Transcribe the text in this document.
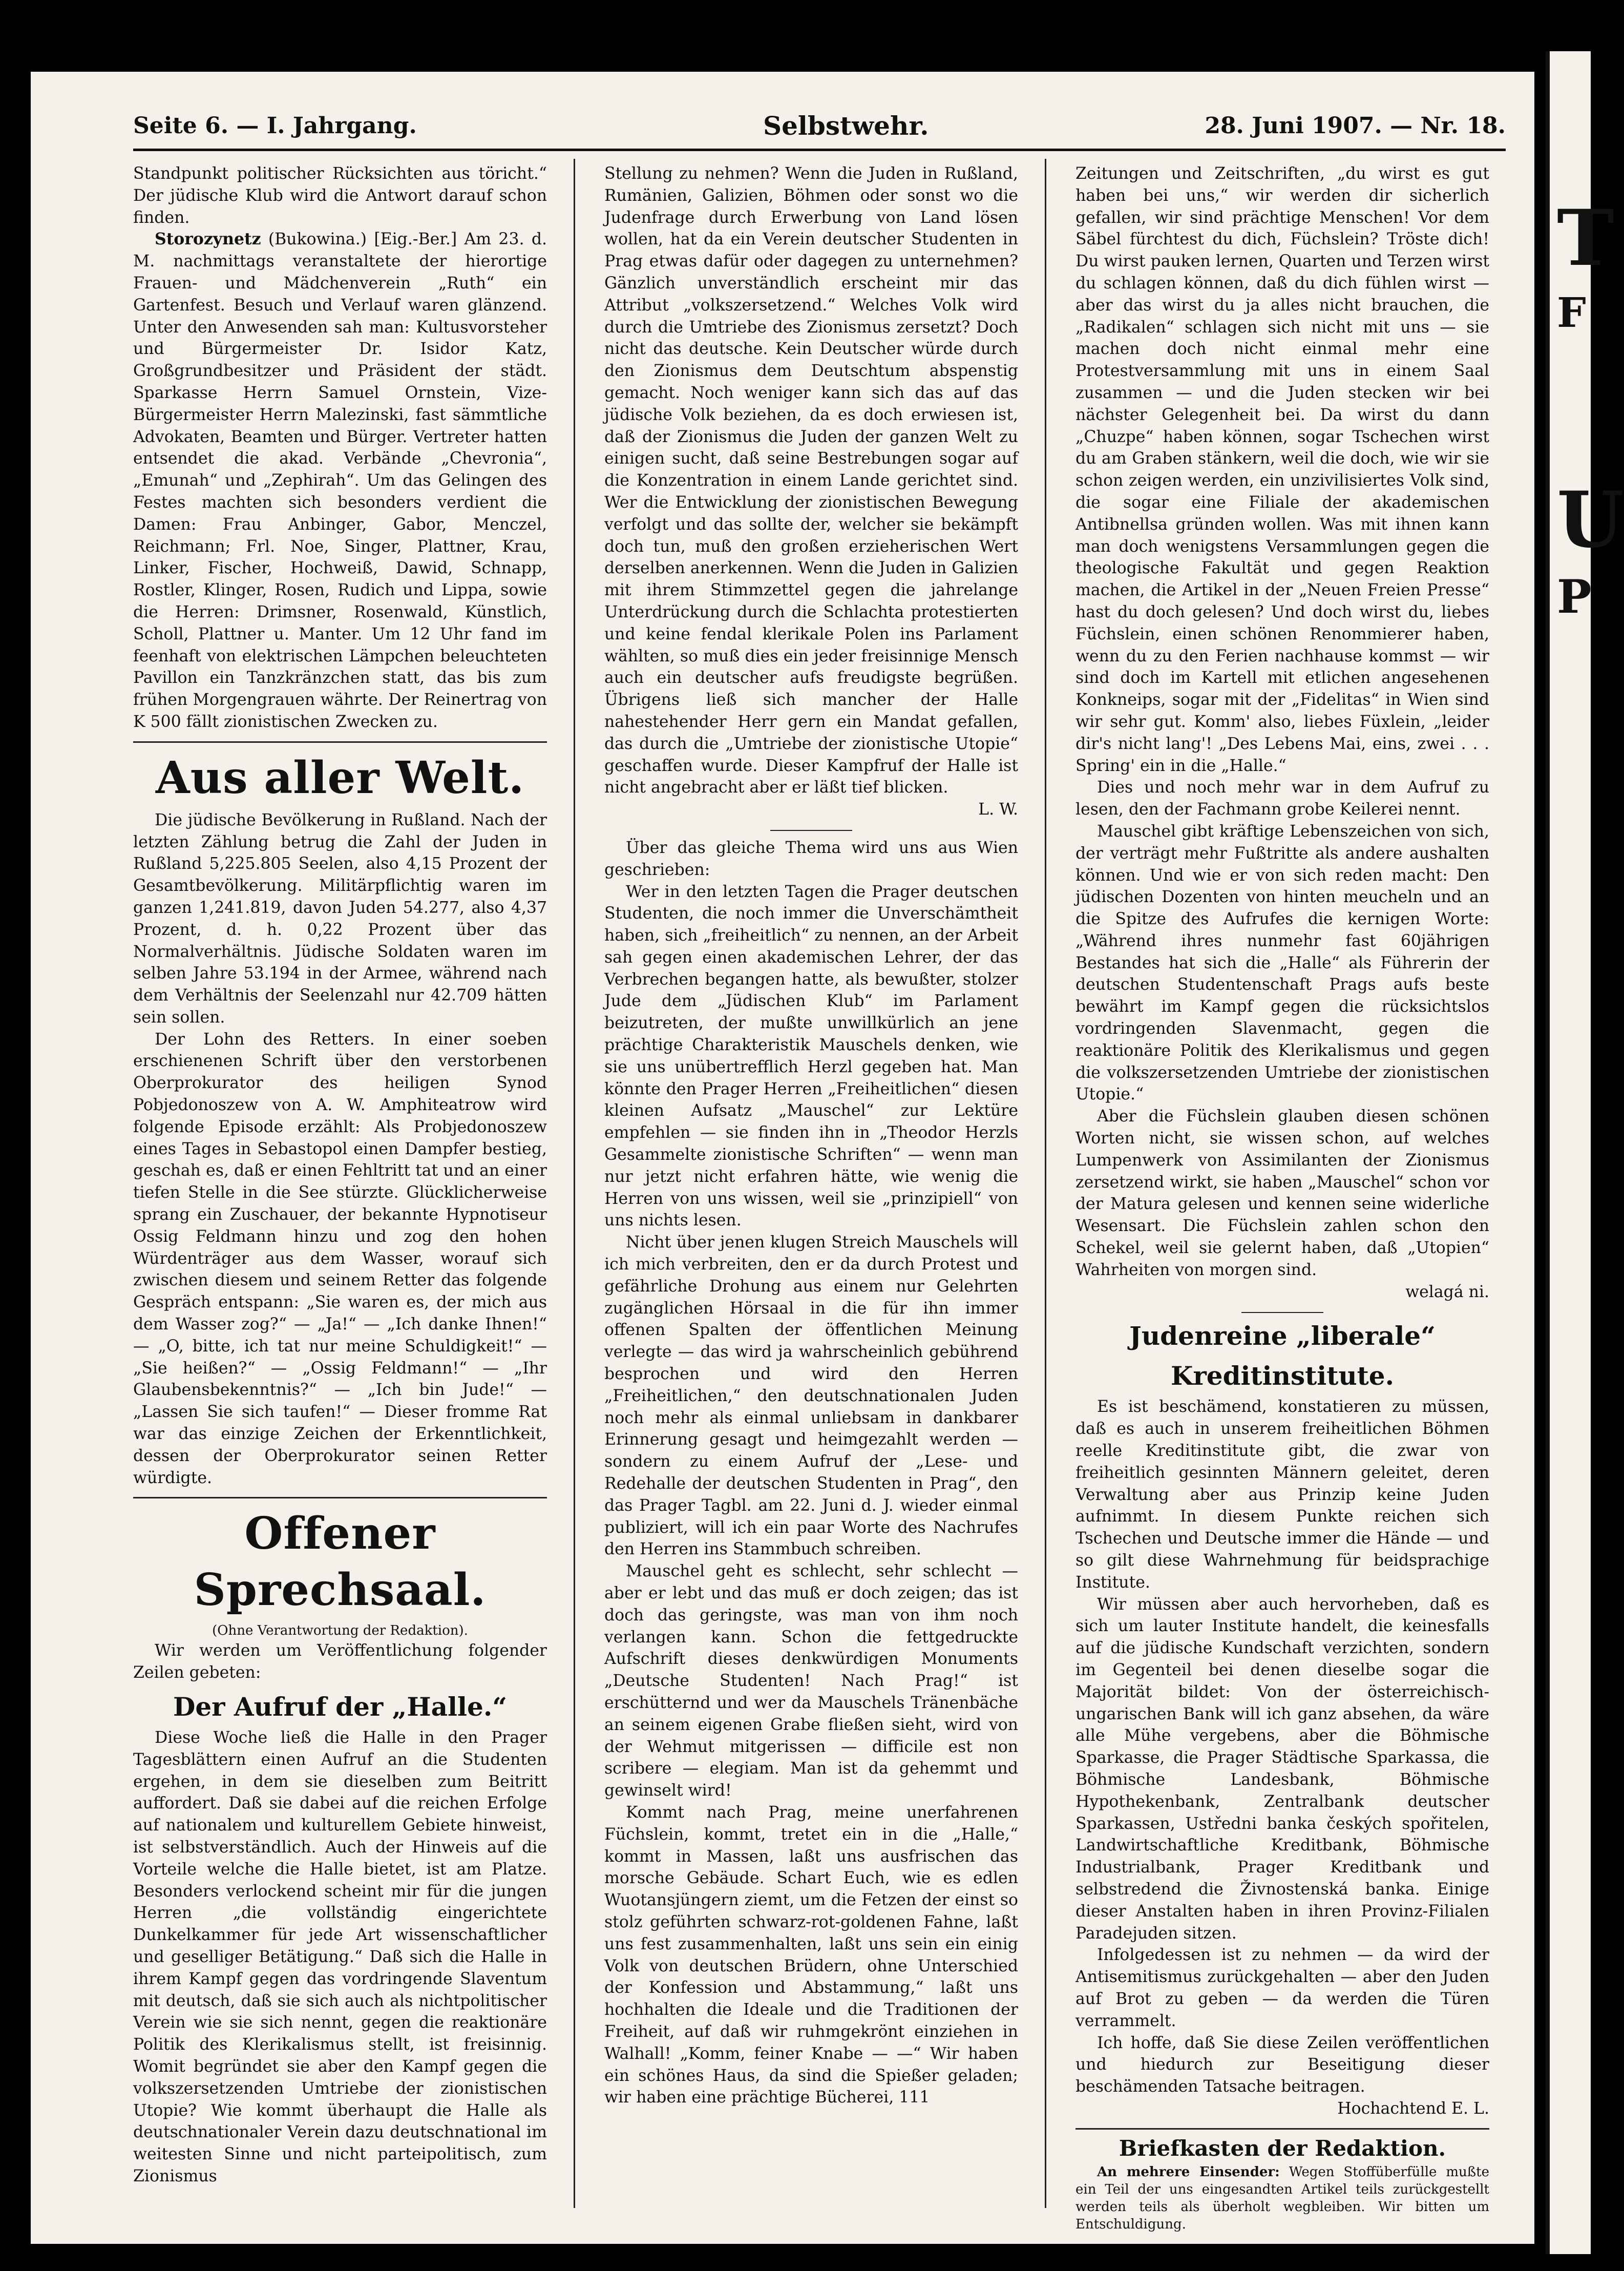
Seite 6. — I. Jahrgang.	Selbstwehr.	28. Juni 1907. — Nr. 18.

Standpunkt politischer Rücksichten aus töricht.“ Der jüdische Klub wird die Antwort darauf schon finden.

Storozynetz (Bukowina.) [Eig.-Ber.] Am 23. d. M. nachmittags veranstaltete der hierortige Frauen- und Mädchenverein „Ruth“ ein Gartenfest. Besuch und Verlauf waren glänzend. Unter den Anwesenden sah man: Kultusvorsteher und Bürgermeister Dr. Isidor Katz, Großgrundbesitzer und Präsident der städt. Sparkasse Herrn Samuel Ornstein, Vize-Bürgermeister Herrn Malezinski, fast sämmtliche Advokaten, Beamten und Bürger. Vertreter hatten entsendet die akad. Verbände „Chevronia“, „Emunah“ und „Zephirah“. Um das Gelingen des Festes machten sich besonders verdient die Damen: Frau Anbinger, Gabor, Menczel, Reichmann; Frl. Noe, Singer, Plattner, Krau, Linker, Fischer, Hochweiß, Dawid, Schnapp, Rostler, Klinger, Rosen, Rudich und Lippa, sowie die Herren: Drimsner, Rosenwald, Künstlich, Scholl, Plattner u. Manter. Um 12 Uhr fand im feenhaft von elektrischen Lämpchen beleuchteten Pavillon ein Tanzkränzchen statt, das bis zum frühen Morgengrauen währte. Der Reinertrag von K 500 fällt zionistischen Zwecken zu.

Aus aller Welt.

Die jüdische Bevölkerung in Rußland. Nach der letzten Zählung betrug die Zahl der Juden in Rußland 5,225.805 Seelen, also 4,15 Prozent der Gesamtbevölkerung. Militärpflichtig waren im ganzen 1,241.819, davon Juden 54.277, also 4,37 Prozent, d. h. 0,22 Prozent über das Normalverhältnis. Jüdische Soldaten waren im selben Jahre 53.194 in der Armee, während nach dem Verhältnis der Seelenzahl nur 42.709 hätten sein sollen.

Der Lohn des Retters. In einer soeben erschienenen Schrift über den verstorbenen Oberprokurator des heiligen Synod Pobjedonoszew von A. W. Amphiteatrow wird folgende Episode erzählt: Als Probjedonoszew eines Tages in Sebastopol einen Dampfer bestieg, geschah es, daß er einen Fehltritt tat und an einer tiefen Stelle in die See stürzte. Glücklicherweise sprang ein Zuschauer, der bekannte Hypnotiseur Ossig Feldmann hinzu und zog den hohen Würdenträger aus dem Wasser, worauf sich zwischen diesem und seinem Retter das folgende Gespräch entspann: „Sie waren es, der mich aus dem Wasser zog?“ — „Ja!“ — „Ich danke Ihnen!“ — „O, bitte, ich tat nur meine Schuldigkeit!“ — „Sie heißen?“ — „Ossig Feldmann!“ — „Ihr Glaubensbekenntnis?“ — „Ich bin Jude!“ — „Lassen Sie sich taufen!“ — Dieser fromme Rat war das einzige Zeichen der Erkenntlichkeit, dessen der Oberprokurator seinen Retter würdigte.

Offener Sprechsaal.
(Ohne Verantwortung der Redaktion).

Wir werden um Veröffentlichung folgender Zeilen gebeten:

Der Aufruf der „Halle.“

Diese Woche ließ die Halle in den Prager Tagesblättern einen Aufruf an die Studenten ergehen, in dem sie dieselben zum Beitritt auffordert. Daß sie dabei auf die reichen Erfolge auf nationalem und kulturellem Gebiete hinweist, ist selbstverständlich. Auch der Hinweis auf die Vorteile welche die Halle bietet, ist am Platze. Besonders verlockend scheint mir für die jungen Herren „die vollständig eingerichtete Dunkelkammer für jede Art wissenschaftlicher und geselliger Betätigung.“ Daß sich die Halle in ihrem Kampf gegen das vordringende Slaventum mit deutsch, daß sie sich auch als nichtpolitischer Verein wie sie sich nennt, gegen die reaktionäre Politik des Klerikalismus stellt, ist freisinnig. Womit begründet sie aber den Kampf gegen die volkszersetzenden Umtriebe der zionistischen Utopie? Wie kommt überhaupt die Halle als deutschnationaler Verein dazu deutschnational im weitesten Sinne und nicht parteipolitisch, zum Zionismus

Stellung zu nehmen? Wenn die Juden in Rußland, Rumänien, Galizien, Böhmen oder sonst wo die Judenfrage durch Erwerbung von Land lösen wollen, hat da ein Verein deutscher Studenten in Prag etwas dafür oder dagegen zu unternehmen? Gänzlich unverständlich erscheint mir das Attribut „volkszersetzend.“ Welches Volk wird durch die Umtriebe des Zionismus zersetzt? Doch nicht das deutsche. Kein Deutscher würde durch den Zionismus dem Deutschtum abspenstig gemacht. Noch weniger kann sich das auf das jüdische Volk beziehen, da es doch erwiesen ist, daß der Zionismus die Juden der ganzen Welt zu einigen sucht, daß seine Bestrebungen sogar auf die Konzentration in einem Lande gerichtet sind. Wer die Entwicklung der zionistischen Bewegung verfolgt und das sollte der, welcher sie bekämpft doch tun, muß den großen erzieherischen Wert derselben anerkennen. Wenn die Juden in Galizien mit ihrem Stimmzettel gegen die jahrelange Unterdrückung durch die Schlachta protestierten und keine fendal klerikale Polen ins Parlament wählten, so muß dies ein jeder freisinnige Mensch auch ein deutscher aufs freudigste begrüßen. Übrigens ließ sich mancher der Halle nahestehender Herr gern ein Mandat gefallen, das durch die „Umtriebe der zionistische Utopie“ geschaffen wurde. Dieser Kampfruf der Halle ist nicht angebracht aber er läßt tief blicken.

L. W.

Über das gleiche Thema wird uns aus Wien geschrieben:

Wer in den letzten Tagen die Prager deutschen Studenten, die noch immer die Unverschämtheit haben, sich „freiheitlich“ zu nennen, an der Arbeit sah gegen einen akademischen Lehrer, der das Verbrechen begangen hatte, als bewußter, stolzer Jude dem „Jüdischen Klub“ im Parlament beizutreten, der mußte unwillkürlich an jene prächtige Charakteristik Mauschels denken, wie sie uns unübertrefflich Herzl gegeben hat. Man könnte den Prager Herren „Freiheitlichen“ diesen kleinen Aufsatz „Mauschel“ zur Lektüre empfehlen — sie finden ihn in „Theodor Herzls Gesammelte zionistische Schriften“ — wenn man nur jetzt nicht erfahren hätte, wie wenig die Herren von uns wissen, weil sie „prinzipiell“ von uns nichts lesen.

Nicht über jenen klugen Streich Mauschels will ich mich verbreiten, den er da durch Protest und gefährliche Drohung aus einem nur Gelehrten zugänglichen Hörsaal in die für ihn immer offenen Spalten der öffentlichen Meinung verlegte — das wird ja wahrscheinlich gebührend besprochen und wird den Herren „Freiheitlichen,“ den deutschnationalen Juden noch mehr als einmal unliebsam in dankbarer Erinnerung gesagt und heimgezahlt werden — sondern zu einem Aufruf der „Lese- und Redehalle der deutschen Studenten in Prag“, den das Prager Tagbl. am 22. Juni d. J. wieder einmal publiziert, will ich ein paar Worte des Nachrufes den Herren ins Stammbuch schreiben.

Mauschel geht es schlecht, sehr schlecht — aber er lebt und das muß er doch zeigen; das ist doch das geringste, was man von ihm noch verlangen kann. Schon die fettgedruckte Aufschrift dieses denkwürdigen Monuments „Deutsche Studenten! Nach Prag!“ ist erschütternd und wer da Mauschels Tränenbäche an seinem eigenen Grabe fließen sieht, wird von der Wehmut mitgerissen — difficile est non scribere — elegiam. Man ist da gehemmt und gewinselt wird!

Kommt nach Prag, meine unerfahrenen Füchslein, kommt, tretet ein in die „Halle,“ kommt in Massen, laßt uns ausfrischen das morsche Gebäude. Schart Euch, wie es edlen Wuotansjüngern ziemt, um die Fetzen der einst so stolz geführten schwarz-rot-goldenen Fahne, laßt uns fest zusammenhalten, laßt uns sein ein einig Volk von deutschen Brüdern, ohne Unterschied der Konfession und Abstammung,“ laßt uns hochhalten die Ideale und die Traditionen der Freiheit, auf daß wir ruhmgekrönt einziehen in Walhall! „Komm, feiner Knabe — —“ Wir haben ein schönes Haus, da sind die Spießer geladen; wir haben eine prächtige Bücherei, 111

Zeitungen und Zeitschriften, „du wirst es gut haben bei uns,“ wir werden dir sicherlich gefallen, wir sind prächtige Menschen! Vor dem Säbel fürchtest du dich, Füchslein? Tröste dich! Du wirst pauken lernen, Quarten und Terzen wirst du schlagen können, daß du dich fühlen wirst — aber das wirst du ja alles nicht brauchen, die „Radikalen“ schlagen sich nicht mit uns — sie machen doch nicht einmal mehr eine Protestversammlung mit uns in einem Saal zusammen — und die Juden stecken wir bei nächster Gelegenheit bei. Da wirst du dann „Chuzpe“ haben können, sogar Tschechen wirst du am Graben stänkern, weil die doch, wie wir sie schon zeigen werden, ein unzivilisiertes Volk sind, die sogar eine Filiale der akademischen Antibnellsa gründen wollen. Was mit ihnen kann man doch wenigstens Versammlungen gegen die theologische Fakultät und gegen Reaktion machen, die Artikel in der „Neuen Freien Presse“ hast du doch gelesen? Und doch wirst du, liebes Füchslein, einen schönen Renommierer haben, wenn du zu den Ferien nachhause kommst — wir sind doch im Kartell mit etlichen angesehenen Konkneips, sogar mit der „Fidelitas“ in Wien sind wir sehr gut. Komm' also, liebes Füxlein, „leider dir's nicht lang'! „Des Lebens Mai, eins, zwei . . . Spring' ein in die „Halle.“

Dies und noch mehr war in dem Aufruf zu lesen, den der Fachmann grobe Keilerei nennt.

Mauschel gibt kräftige Lebenszeichen von sich, der verträgt mehr Fußtritte als andere aushalten können. Und wie er von sich reden macht: Den jüdischen Dozenten von hinten meucheln und an die Spitze des Aufrufes die kernigen Worte: „Während ihres nunmehr fast 60jährigen Bestandes hat sich die „Halle“ als Führerin der deutschen Studentenschaft Prags aufs beste bewährt im Kampf gegen die rücksichtslos vordringenden Slavenmacht, gegen die reaktionäre Politik des Klerikalismus und gegen die volkszersetzenden Umtriebe der zionistischen Utopie.“

Aber die Füchslein glauben diesen schönen Worten nicht, sie wissen schon, auf welches Lumpenwerk von Assimilanten der Zionismus zersetzend wirkt, sie haben „Mauschel“ schon vor der Matura gelesen und kennen seine widerliche Wesensart. Die Füchslein zahlen schon den Schekel, weil sie gelernt haben, daß „Utopien“ Wahrheiten von morgen sind.

welagá ni.
Judenreine „liberale“
Kreditinstitute.

Es ist beschämend, konstatieren zu müssen, daß es auch in unserem freiheitlichen Böhmen reelle Kreditinstitute gibt, die zwar von freiheitlich gesinnten Männern geleitet, deren Verwaltung aber aus Prinzip keine Juden aufnimmt. In diesem Punkte reichen sich Tschechen und Deutsche immer die Hände — und so gilt diese Wahrnehmung für beidsprachige Institute.

Wir müssen aber auch hervorheben, daß es sich um lauter Institute handelt, die keinesfalls auf die jüdische Kundschaft verzichten, sondern im Gegenteil bei denen dieselbe sogar die Majorität bildet: Von der österreichisch-ungarischen Bank will ich ganz absehen, da wäre alle Mühe vergebens, aber die Böhmische Sparkasse, die Prager Städtische Sparkassa, die Böhmische Landesbank, Böhmische Hypothekenbank, Zentralbank deutscher Sparkassen, Ustředni banka českých spořitelen, Landwirtschaftliche Kreditbank, Böhmische Industrialbank, Prager Kreditbank und selbstredend die Živnostenská banka. Einige dieser Anstalten haben in ihren Provinz-Filialen Paradejuden sitzen.

Infolgedessen ist zu nehmen — da wird der Antisemitismus zurückgehalten — aber den Juden auf Brot zu geben — da werden die Türen verrammelt.

Ich hoffe, daß Sie diese Zeilen veröffentlichen und hiedurch zur Beseitigung dieser beschämenden Tatsache beitragen.

Hochachtend E. L.
Briefkasten der Redaktion.

An mehrere Einsender: Wegen Stoffüberfülle mußte ein Teil der uns eingesandten Artikel teils zurückgestellt werden teils als überholt wegbleiben. Wir bitten um Entschuldigung.

T
F
U
P
